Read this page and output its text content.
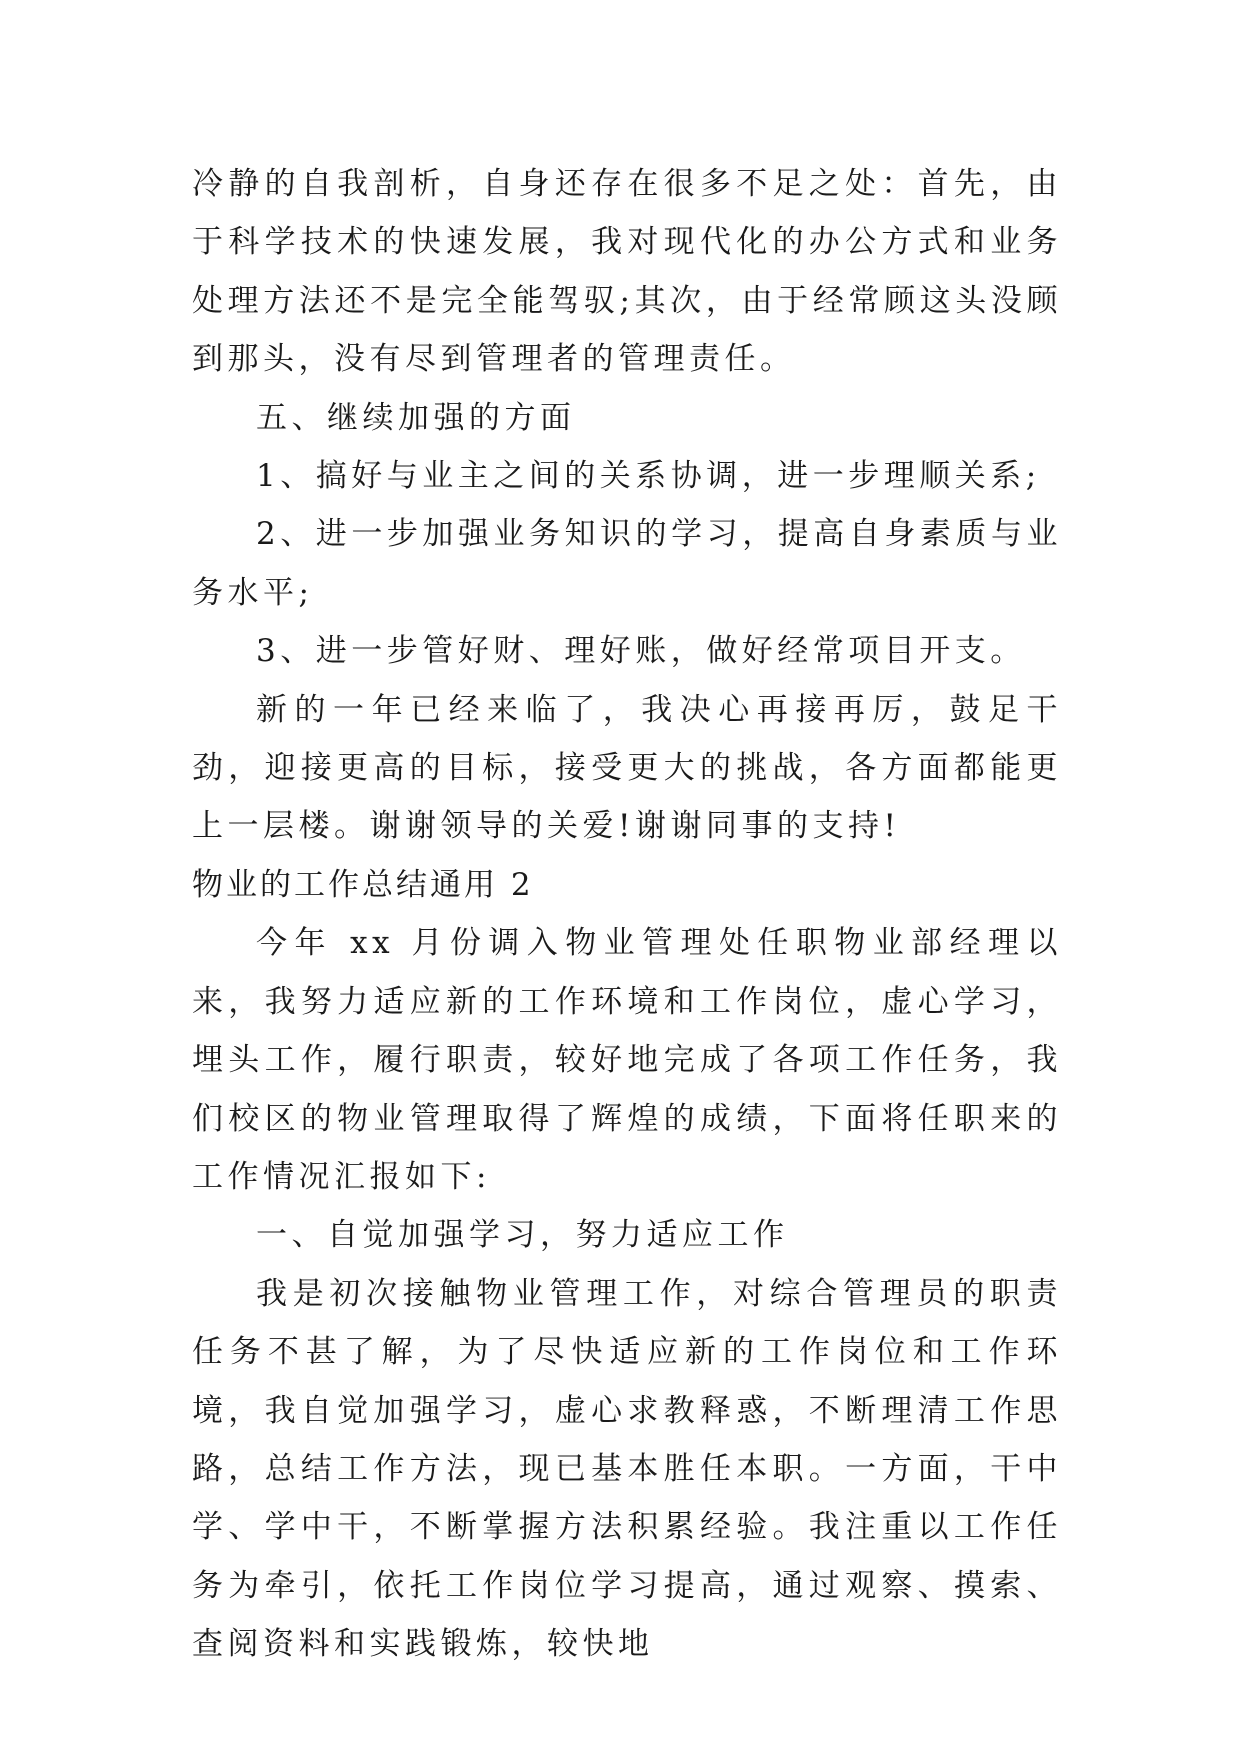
冷静的自我剖析，自身还存在很多不足之处：首先，由于科学技术的快速发展，我对现代化的办公方式和业务处理方法还不是完全能驾驭;其次，由于经常顾这头没顾到那头，没有尽到管理者的管理责任。

五、继续加强的方面

1、搞好与业主之间的关系协调，进一步理顺关系;

2、进一步加强业务知识的学习，提高自身素质与业务水平;

3、进一步管好财、理好账，做好经常项目开支。

新的一年已经来临了，我决心再接再厉，鼓足干劲，迎接更高的目标，接受更大的挑战，各方面都能更上一层楼。谢谢领导的关爱!谢谢同事的支持!

物业的工作总结通用 2

今年 xx 月份调入物业管理处任职物业部经理以来，我努力适应新的工作环境和工作岗位，虚心学习，埋头工作，履行职责，较好地完成了各项工作任务，我们校区的物业管理取得了辉煌的成绩，下面将任职来的工作情况汇报如下:

一、自觉加强学习，努力适应工作

我是初次接触物业管理工作，对综合管理员的职责任务不甚了解，为了尽快适应新的工作岗位和工作环境，我自觉加强学习，虚心求教释惑，不断理清工作思路，总结工作方法，现已基本胜任本职。一方面，干中学、学中干，不断掌握方法积累经验。我注重以工作任务为牵引，依托工作岗位学习提高，通过观察、摸索、查阅资料和实践锻炼，较快地
